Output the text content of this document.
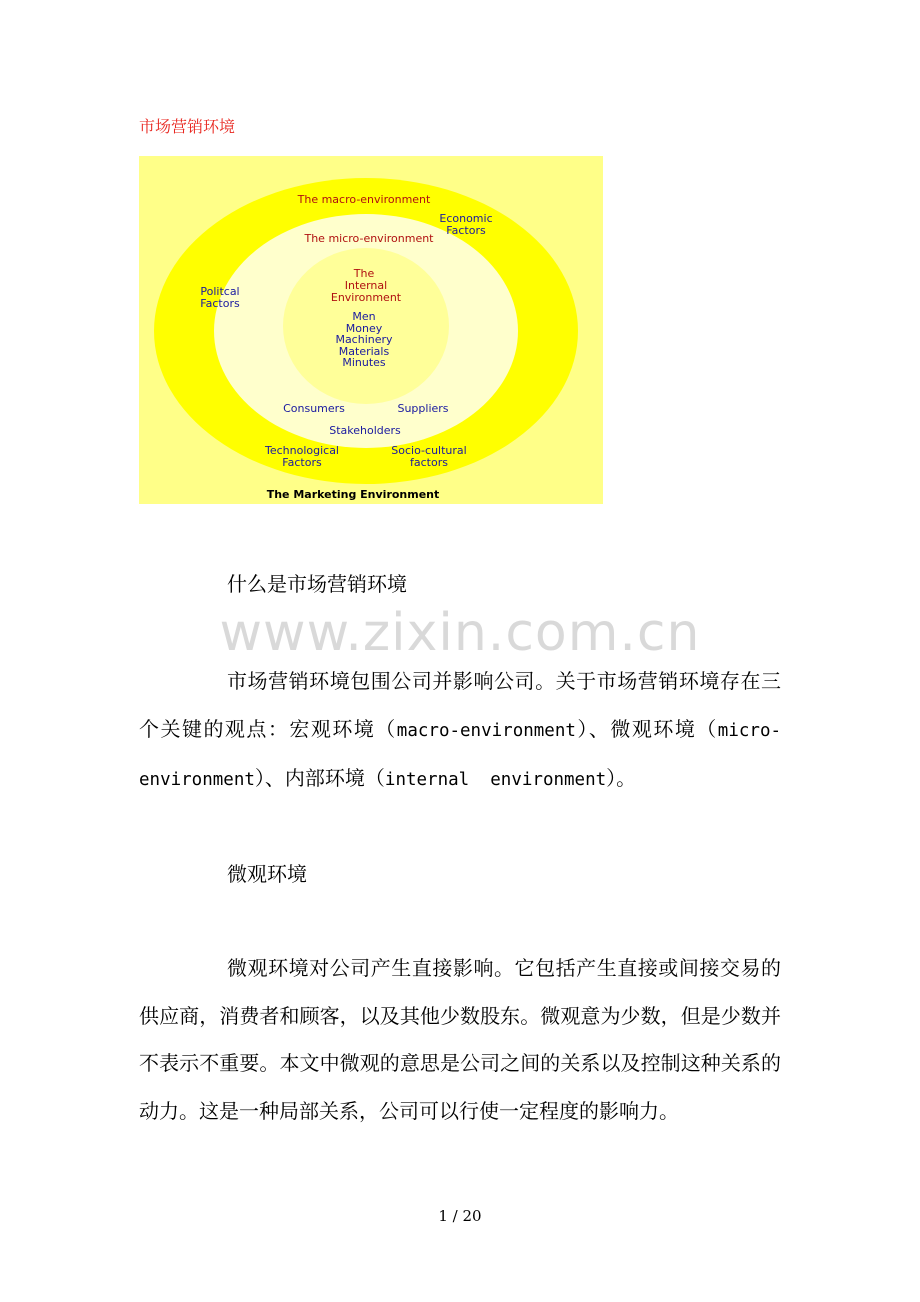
市场营销环境
The macro-environment
Economic
Factors
The micro-environment
Politcal
Factors
The
Internal
Environment
Men
Money
Machinery
Materials
Minutes
Consumers	Suppliers
Stakeholders
Technological
Factors
Socio-cultural
factors
The Marketing Environment
什么是市场营销环境
www.zixin.com.cn

市场营销环境包围公司并影响公司。关于市场营销环境存在三个关键的观点：宏观环境（macro-environment）、微观环境（micro-environment）、内部环境（internal  environment）。

微观环境

微观环境对公司产生直接影响。它包括产生直接或间接交易的供应商，消费者和顾客，以及其他少数股东。微观意为少数，但是少数并不表示不重要。本文中微观的意思是公司之间的关系以及控制这种关系的动力。这是一种局部关系，公司可以行使一定程度的影响力。

1 / 20
